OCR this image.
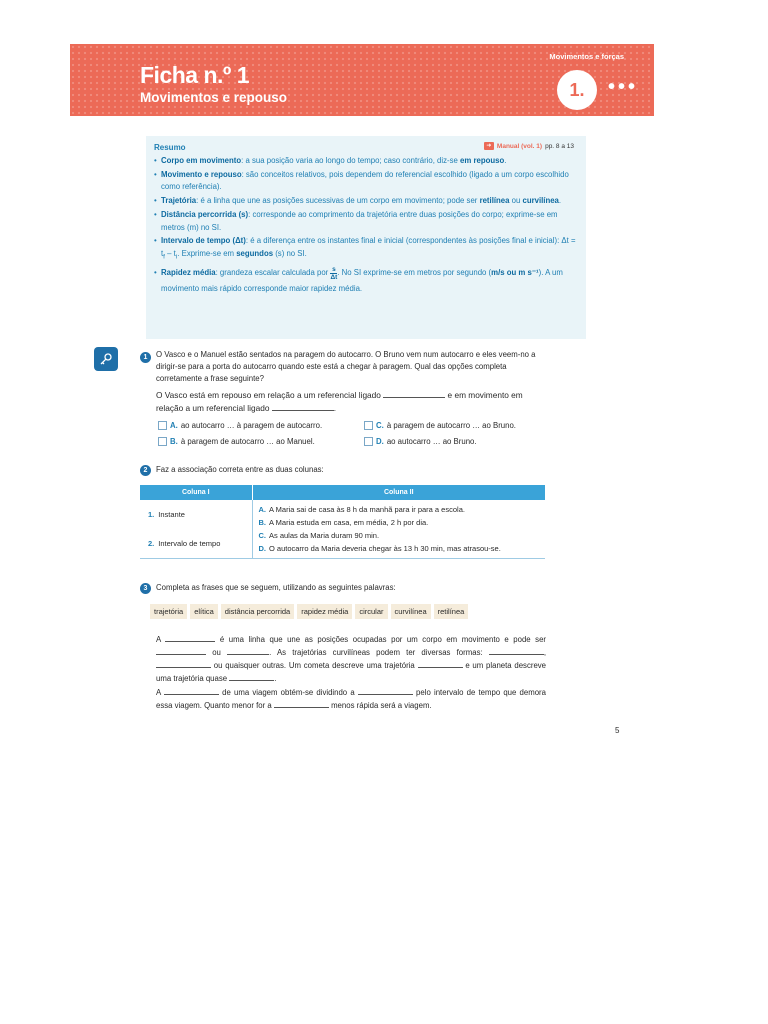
Movimentos e forças
Ficha n.º 1
Movimentos e repouso	1.	•••
Resumo	➜ Manual (vol. 1) pp. 8 a 13
• Corpo em movimento: a sua posição varia ao longo do tempo; caso contrário, diz-se em repouso.
• Movimento e repouso: são conceitos relativos, pois dependem do referencial escolhido (ligado a um corpo escolhido como referência).
• Trajetória: é a linha que une as posições sucessivas de um corpo em movimento; pode ser retilínea ou curvilínea.
• Distância percorrida (s): corresponde ao comprimento da trajetória entre duas posições do corpo; exprime-se em metros (m) no SI.
• Intervalo de tempo (Δt): é a diferença entre os instantes final e inicial (correspondentes às posições final e inicial): $\Delta t = t_f - t_i$. Exprime-se em segundos (s) no SI.
• Rapidez média: grandeza escalar calculada por $\frac{s}{\Delta t}$ . No SI exprime-se em metros por segundo (m/s ou m s⁻¹). A um movimento mais rápido corresponde maior rapidez média.
1	O Vasco e o Manuel estão sentados na paragem do autocarro. O Bruno vem num autocarro e eles veem-no a dirigir-se para a porta do autocarro quando este está a chegar à paragem. Qual das opções completa corretamente a frase seguinte?
O Vasco está em repouso em relação a um referencial ligado	e em movimento em relação a um referencial ligado	.
A. ao autocarro … à paragem de autocarro.	C. à paragem de autocarro … ao Bruno.
B. à paragem de autocarro … ao Manuel.	D. ao autocarro … ao Bruno.
2	Faz a associação correta entre as duas colunas:
Coluna I	Coluna II
1. Instante	A. A Maria sai de casa às 8 h da manhã para ir para a escola.
	B. A Maria estuda em casa, em média, 2 h por dia.
2. Intervalo de tempo	C. As aulas da Maria duram 90 min.
	D. O autocarro da Maria deveria chegar às 13 h 30 min, mas atrasou-se.
3	Completa as frases que se seguem, utilizando as seguintes palavras:
trajetória	elítica	distância percorrida	rapidez média	circular	curvilínea	retilínea
A	é uma linha que une as posições ocupadas por um corpo em movimento e pode ser  ou	. As trajetórias curvilíneas podem ter diversas formas:	,  ou quaisquer outras. Um cometa descreve uma trajetória	e um planeta descreve uma trajetória quase	.
A	de uma viagem obtém-se dividindo a	pelo intervalo de tempo que demora essa viagem. Quanto menor for a	menos rápida será a viagem.
5
